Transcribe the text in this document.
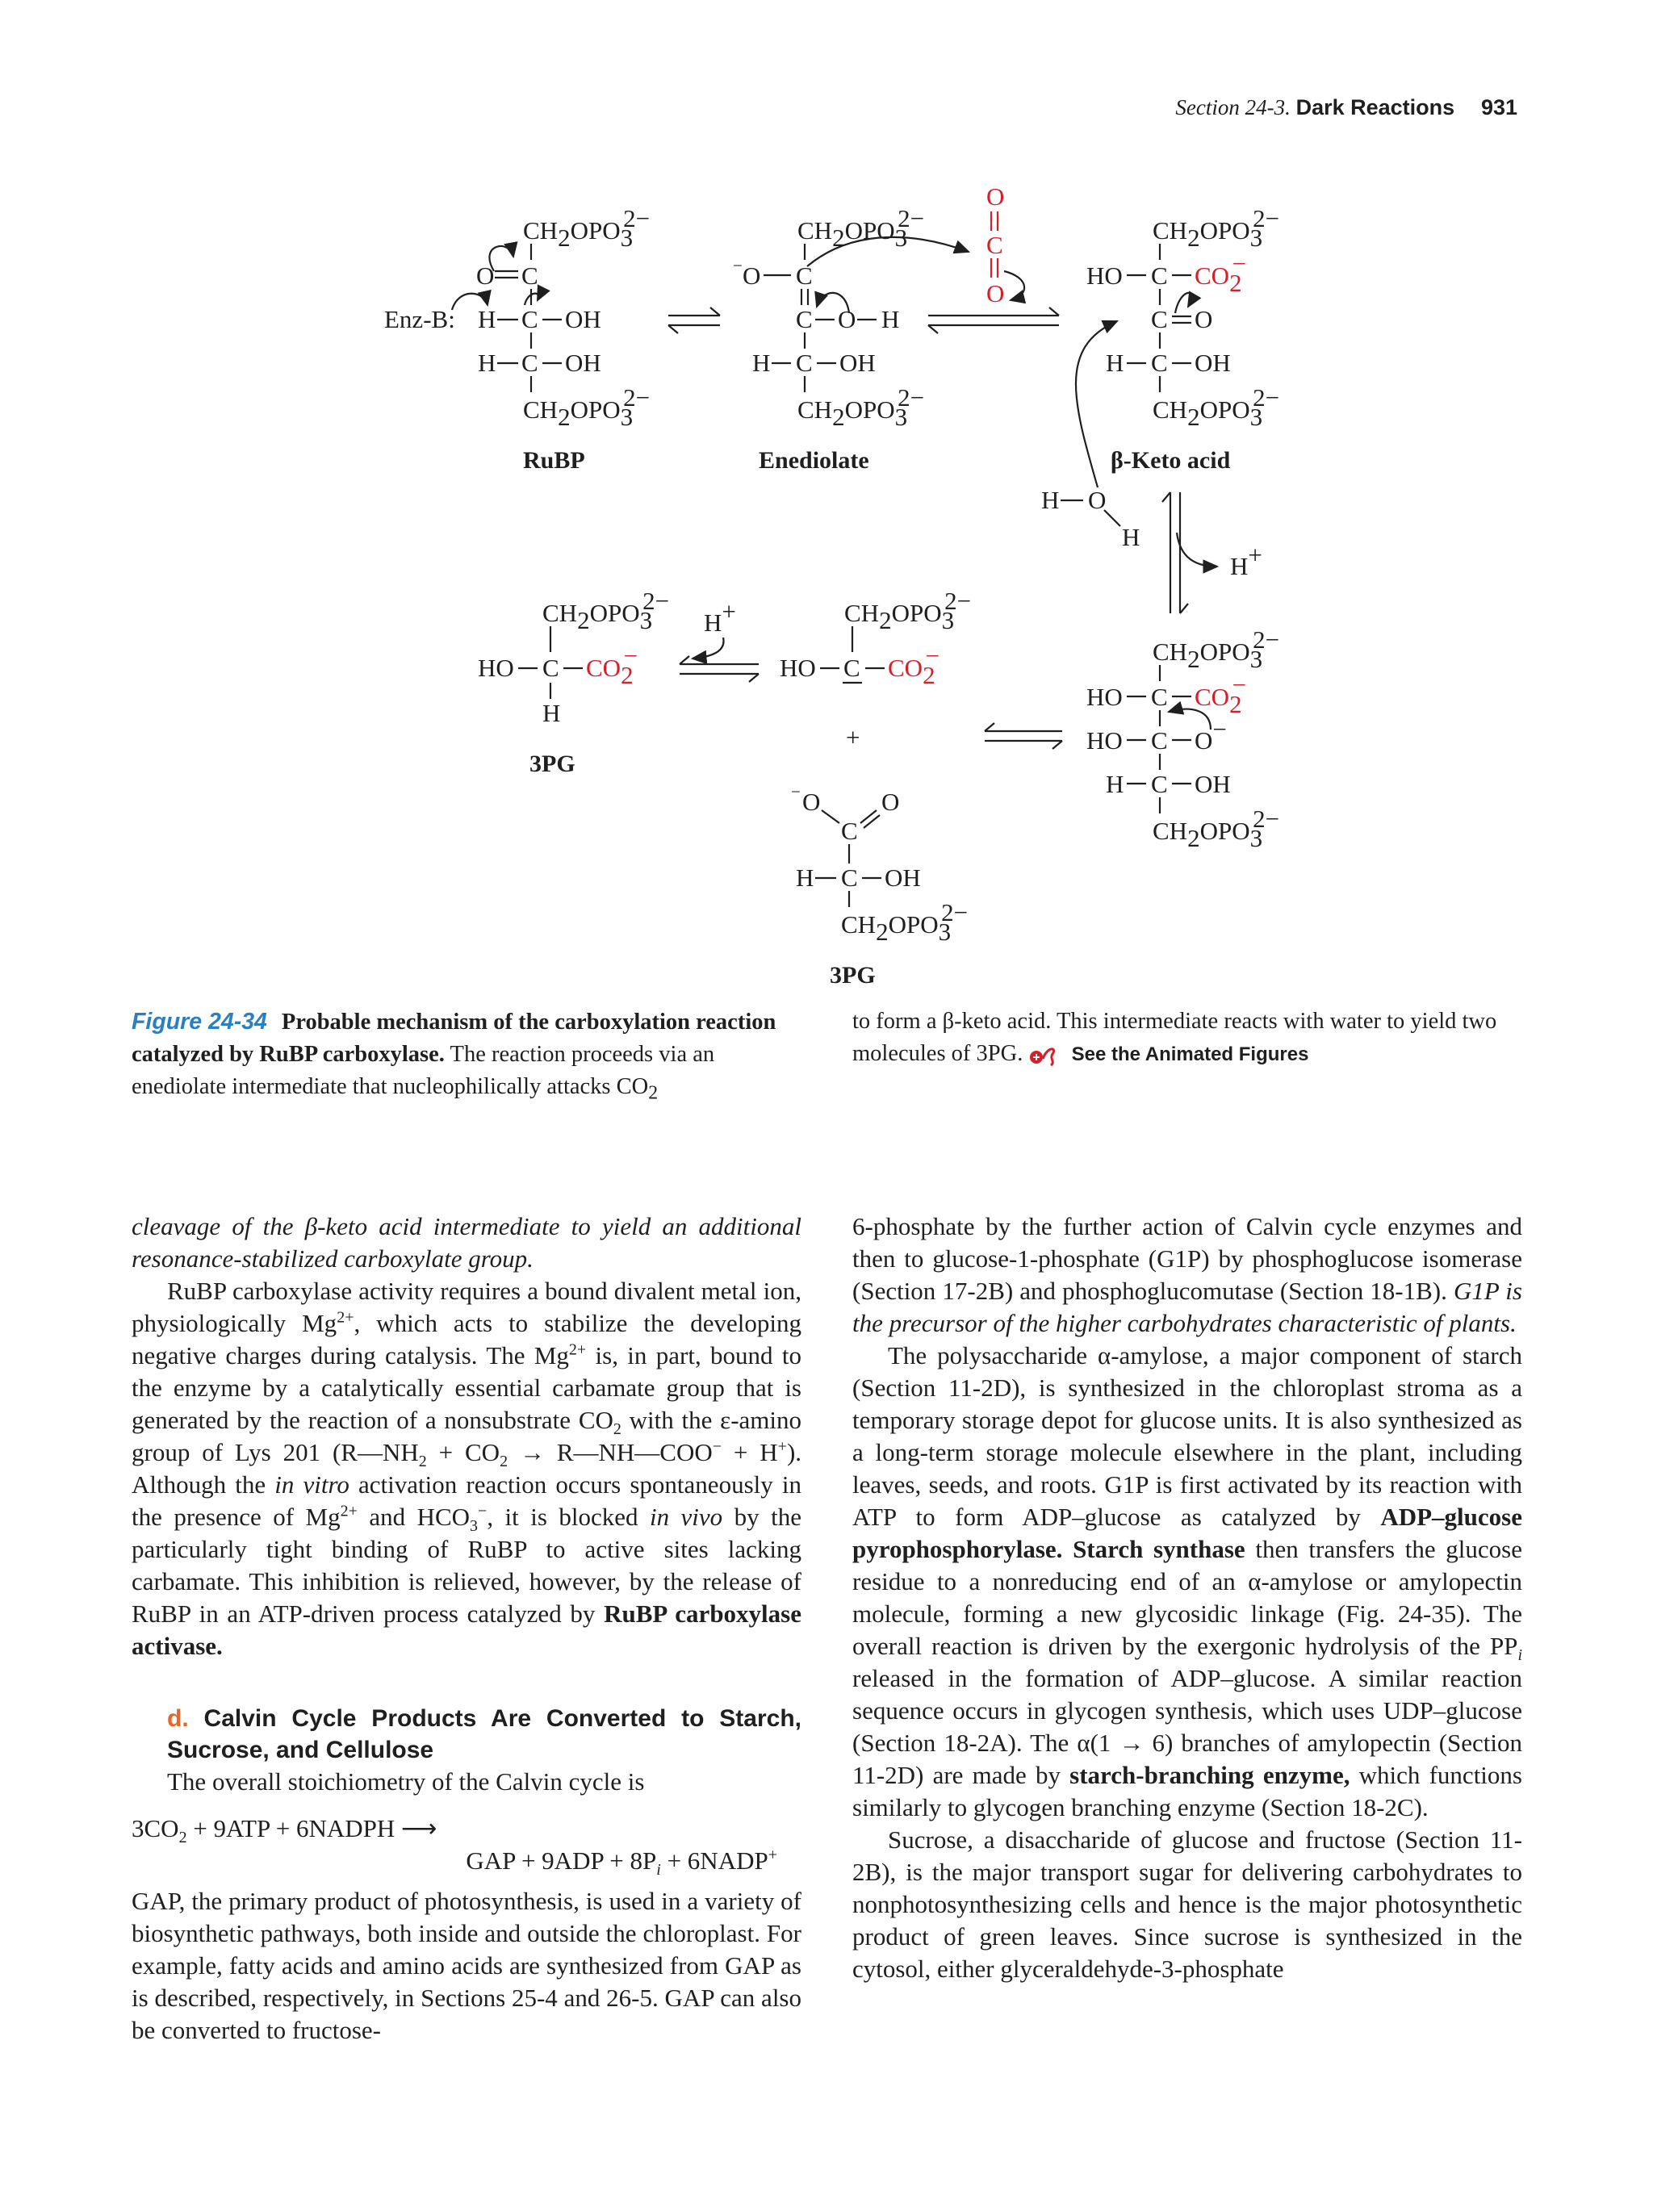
Section 24-3. Dark Reactions 931
CH2OPO32−
O C
Enz-B: H C OH
H C OH
CH2OPO32−
RuBP
CH2OPO32−
− O C
C O H
H C OH
CH2OPO32−
Enediolate
O
C
O
CH2OPO32−
HO C CO2−
C O
H C OH
CH2OPO32−
β-Keto acid
H O
H
H+
CH2OPO32−
HO C CO2−
HO C O−
H C OH
CH2OPO32−
CH2OPO32−
HO C CO2−
+
H+
CH2OPO32−
HO C CO2−
H
3PG
− O O
C
H C OH
CH2OPO32−
3PG
Figure 24-34 Probable mechanism of the carboxylation reaction catalyzed by RuBP carboxylase. The reaction proceeds via an enediolate intermediate that nucleophilically attacks $CO_2$
to form a β-keto acid. This intermediate reacts with water to yield two molecules of 3PG.	See the Animated Figures

cleavage of the β-keto acid intermediate to yield an additional resonance-stabilized carboxylate group.

RuBP carboxylase activity requires a bound divalent metal ion, physiologically $Mg^{2+}$, which acts to stabilize the developing negative charges during catalysis. The $Mg^{2+}$ is, in part, bound to the enzyme by a catalytically essential carbamate group that is generated by the reaction of a nonsubstrate $CO_2$ with the ε-amino group of Lys 201 ($R—NH_2 + CO_2$ → R—NH—COO− + H+). Although the in vitro activation reaction occurs spontaneously in the presence of $Mg^{2+}$ and $HCO_3^-$, it is blocked in vivo by the particularly tight binding of RuBP to active sites lacking carbamate. This inhibition is relieved, however, by the release of RuBP in an ATP-driven process catalyzed by RuBP carboxylase activase.

d. Calvin Cycle Products Are Converted to Starch, Sucrose, and Cellulose

The overall stoichiometry of the Calvin cycle is

$3CO_2 + 9ATP$ + 6NADPH ⟶
GAP + $9ADP + 8P_i$ + 6NADP+

GAP, the primary product of photosynthesis, is used in a variety of biosynthetic pathways, both inside and outside the chloroplast. For example, fatty acids and amino acids are synthesized from GAP as is described, respectively, in Sections 25-4 and 26-5. GAP can also be converted to fructose-

6-phosphate by the further action of Calvin cycle enzymes and then to glucose-1-phosphate (G1P) by phosphoglucose isomerase (Section 17-2B) and phosphoglucomutase (Section 18-1B). G1P is the precursor of the higher carbohydrates characteristic of plants.

The polysaccharide α-amylose, a major component of starch (Section 11-2D), is synthesized in the chloroplast stroma as a temporary storage depot for glucose units. It is also synthesized as a long-term storage molecule elsewhere in the plant, including leaves, seeds, and roots. G1P is first activated by its reaction with ATP to form ADP–glucose as catalyzed by ADP–glucose pyrophosphorylase. Starch synthase then transfers the glucose residue to a nonreducing end of an α-amylose or amylopectin molecule, forming a new glycosidic linkage (Fig. 24-35). The overall reaction is driven by the exergonic hydrolysis of the $PP_i$ released in the formation of ADP–glucose. A similar reaction sequence occurs in glycogen synthesis, which uses UDP–glucose (Section 18-2A). The α(1 → 6) branches of amylopectin (Section 11-2D) are made by starch-branching enzyme, which functions similarly to glycogen branching enzyme (Section 18-2C).

Sucrose, a disaccharide of glucose and fructose (Section 11-2B), is the major transport sugar for delivering carbohydrates to nonphotosynthesizing cells and hence is the major photosynthetic product of green leaves. Since sucrose is synthesized in the cytosol, either glyceraldehyde-3-phosphate
